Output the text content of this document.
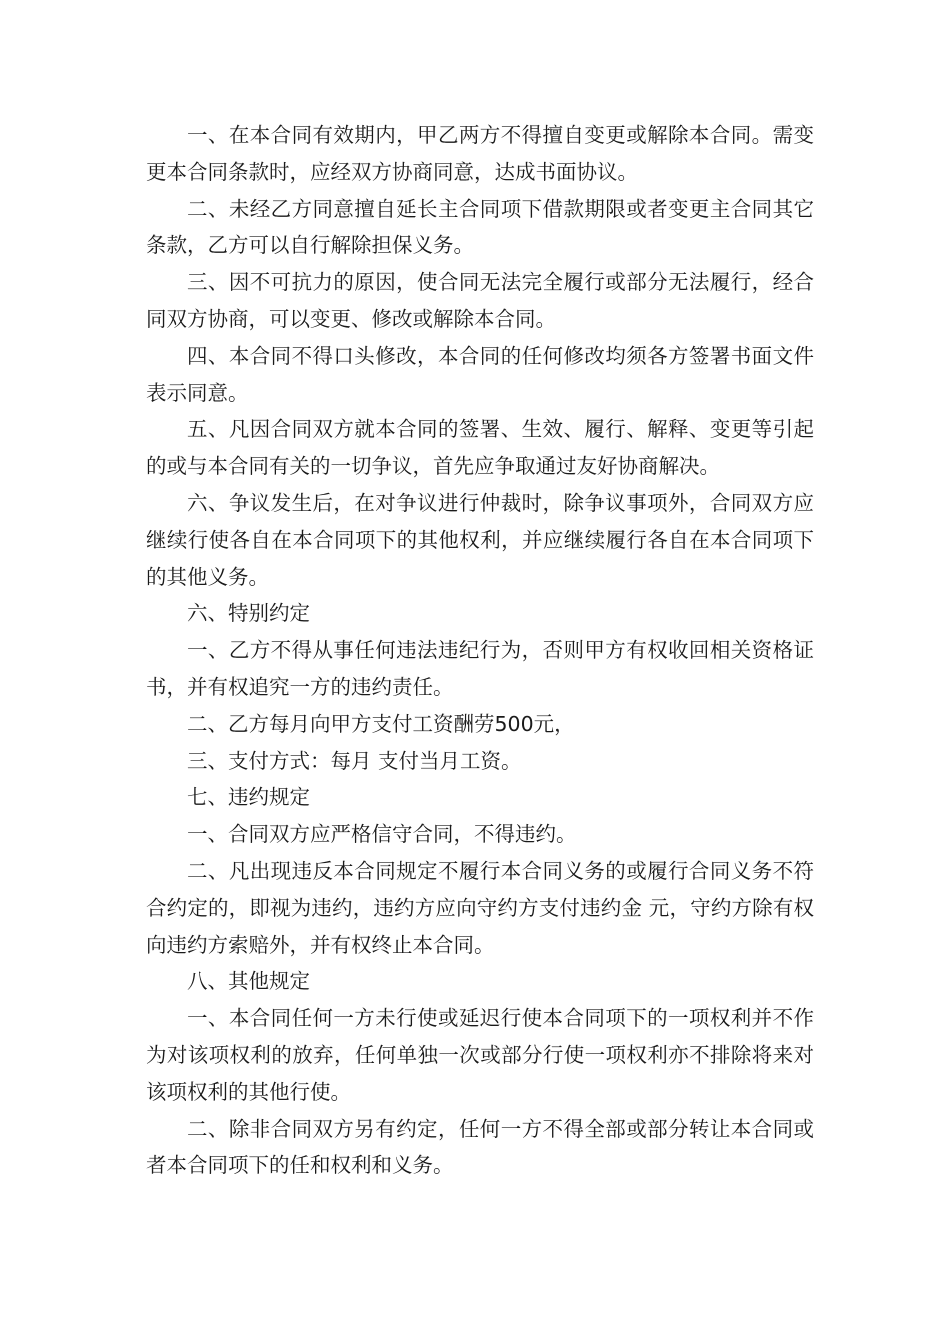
一、在本合同有效期内，甲乙两方不得擅自变更或解除本合同。需变更本合同条款时，应经双方协商同意，达成书面协议。

二、未经乙方同意擅自延长主合同项下借款期限或者变更主合同其它条款，乙方可以自行解除担保义务。

三、因不可抗力的原因，使合同无法完全履行或部分无法履行，经合同双方协商，可以变更、修改或解除本合同。

四、本合同不得口头修改，本合同的任何修改均须各方签署书面文件表示同意。

五、凡因合同双方就本合同的签署、生效、履行、解释、变更等引起的或与本合同有关的一切争议，首先应争取通过友好协商解决。

六、争议发生后，在对争议进行仲裁时，除争议事项外，合同双方应继续行使各自在本合同项下的其他权利，并应继续履行各自在本合同项下的其他义务。

六、特别约定

一、乙方不得从事任何违法违纪行为，否则甲方有权收回相关资格证书，并有权追究一方的违约责任。

二、乙方每月向甲方支付工资酬劳500元，

三、支付方式：每月 支付当月工资。

七、违约规定

一、合同双方应严格信守合同，不得违约。

二、凡出现违反本合同规定不履行本合同义务的或履行合同义务不符合约定的，即视为违约，违约方应向守约方支付违约金 元，守约方除有权向违约方索赔外，并有权终止本合同。

八、其他规定

一、本合同任何一方未行使或延迟行使本合同项下的一项权利并不作为对该项权利的放弃，任何单独一次或部分行使一项权利亦不排除将来对该项权利的其他行使。

二、除非合同双方另有约定，任何一方不得全部或部分转让本合同或者本合同项下的任和权利和义务。
